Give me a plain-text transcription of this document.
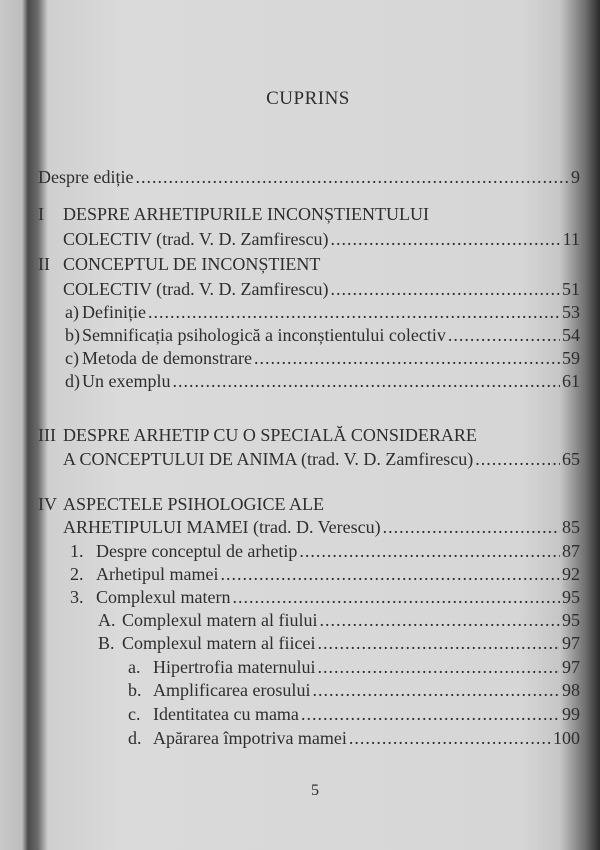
CUPRINS
Despre ediție .....	9
I	DESPRE ARHETIPURILE INCONȘTIENTULUI
COLECTIV (trad. V. D. Zamfirescu) .....	11
II CONCEPTUL DE INCONȘTIENT
COLECTIV (trad. V. D. Zamfirescu) .....	51
a) Definiție .....	53
b) Semnificația psihologică a inconștientului colectiv .....	54
c) Metoda de demonstrare .....	59
d) Un exemplu .....	61
III DESPRE ARHETIP CU O SPECIALĂ CONSIDERARE
A CONCEPTULUI DE ANIMA (trad. V. D. Zamfirescu) .....	65
IV ASPECTELE PSIHOLOGICE ALE
ARHETIPULUI MAMEI (trad. D. Verescu) .....	85
1. Despre conceptul de arhetip .....	87
2. Arhetipul mamei .....	92
3. Complexul matern .....	95
A. Complexul matern al fiului .....	95
B. Complexul matern al fiicei .....	97
a. Hipertrofia maternului .....	97
b. Amplificarea erosului .....	98
c. Identitatea cu mama .....	99
d. Apărarea împotriva mamei .....	100
5
